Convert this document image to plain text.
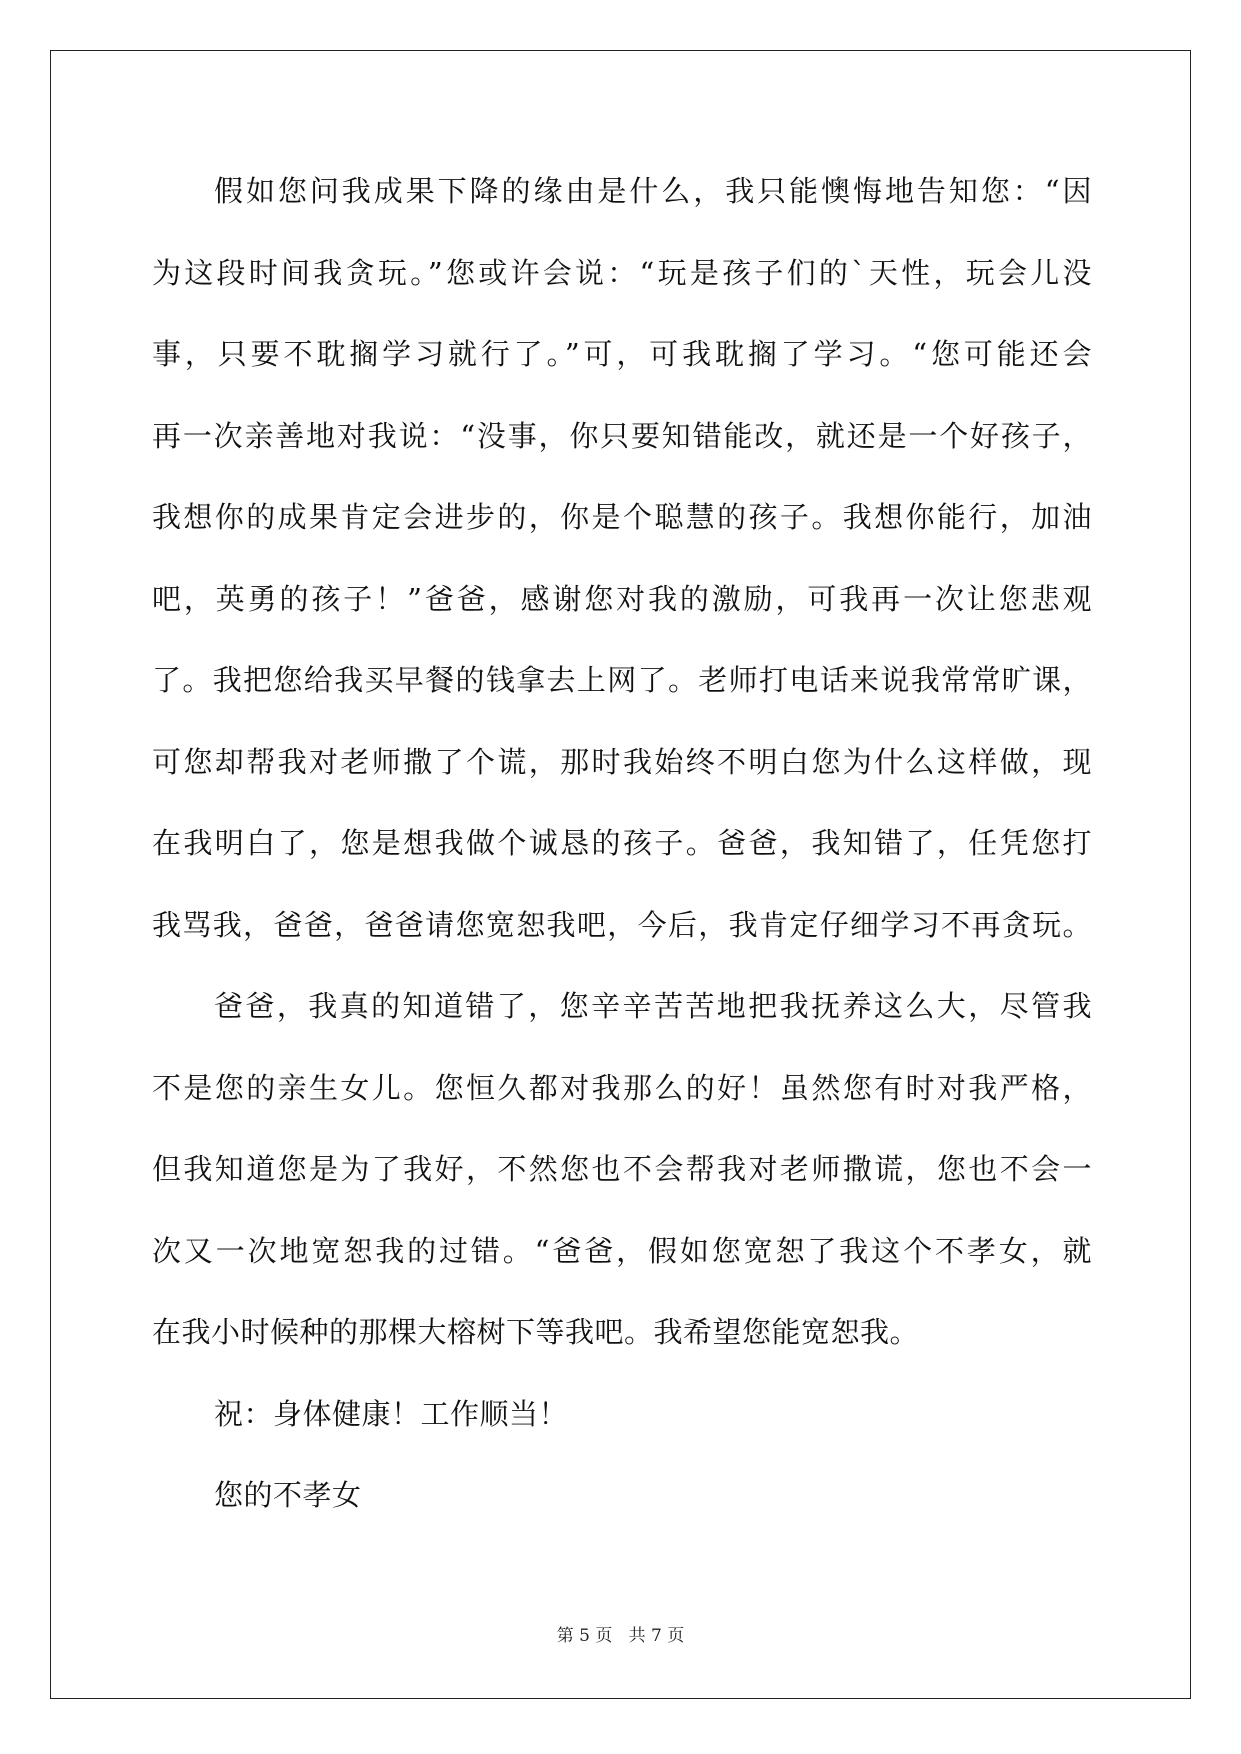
假如您问我成果下降的缘由是什么，我只能懊悔地告知您：“因
为这段时间我贪玩。”您或许会说：“玩是孩子们的`天性，玩会儿没
事，只要不耽搁学习就行了。”可，可我耽搁了学习。“您可能还会
再一次亲善地对我说：“没事，你只要知错能改，就还是一个好孩子，
我想你的成果肯定会进步的，你是个聪慧的孩子。我想你能行，加油
吧，英勇的孩子！”爸爸，感谢您对我的激励，可我再一次让您悲观
了。我把您给我买早餐的钱拿去上网了。老师打电话来说我常常旷课，
可您却帮我对老师撒了个谎，那时我始终不明白您为什么这样做，现
在我明白了，您是想我做个诚恳的孩子。爸爸，我知错了，任凭您打
我骂我，爸爸，爸爸请您宽恕我吧，今后，我肯定仔细学习不再贪玩。
爸爸，我真的知道错了，您辛辛苦苦地把我抚养这么大，尽管我
不是您的亲生女儿。您恒久都对我那么的好！虽然您有时对我严格，
但我知道您是为了我好，不然您也不会帮我对老师撒谎，您也不会一
次又一次地宽恕我的过错。“爸爸，假如您宽恕了我这个不孝女，就
在我小时候种的那棵大榕树下等我吧。我希望您能宽恕我。
祝：身体健康！工作顺当！
您的不孝女
第 5 页   共 7 页
